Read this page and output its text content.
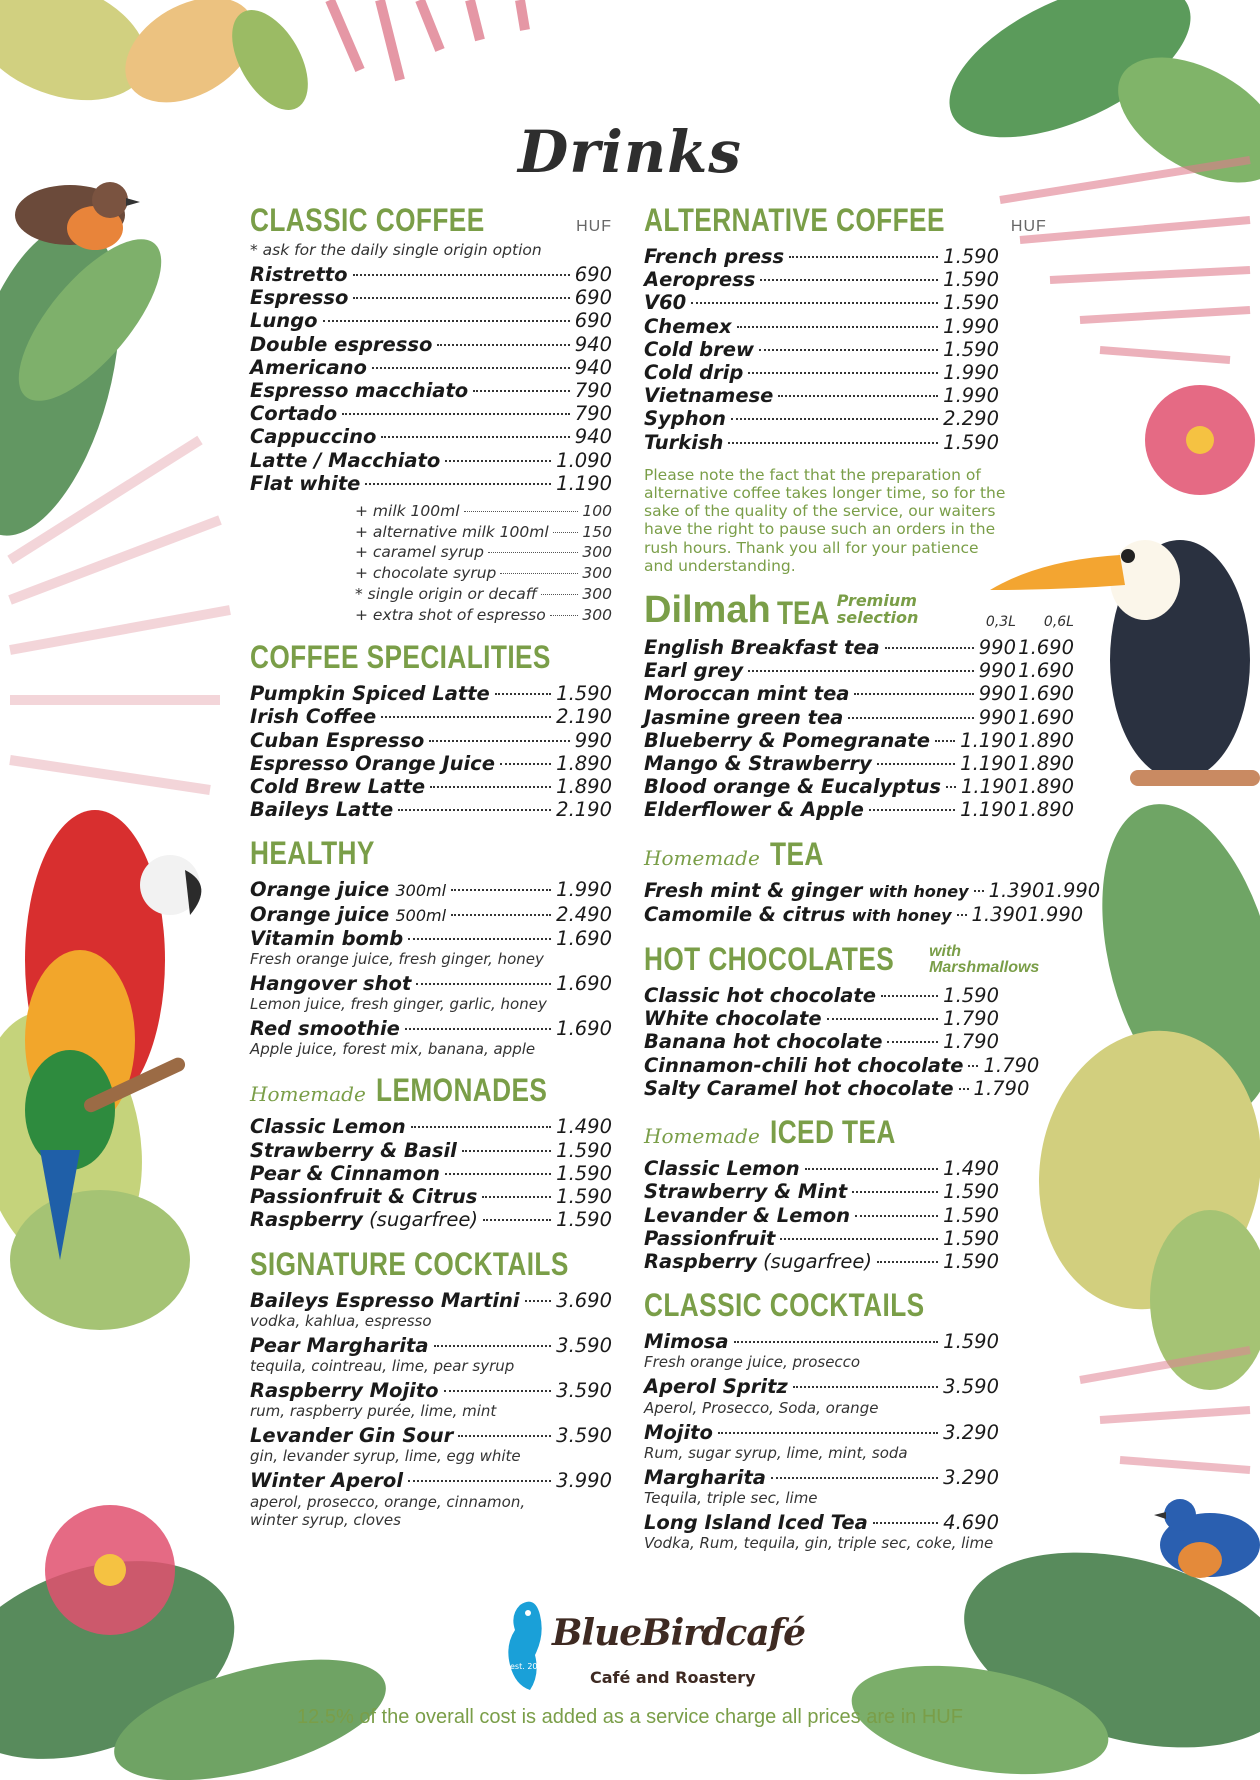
Drinks
CLASSIC COFFEE	HUF
* ask for the daily single origin option
Ristretto	690
Espresso	690
Lungo	690
Double espresso	940
Americano	940
Espresso macchiato	790
Cortado	790
Cappuccino	940
Latte / Macchiato	1.090
Flat white	1.190
+ milk 100ml	100
+ alternative milk 100ml 150
+ caramel syrup	300
+ chocolate syrup	300
* single origin or decaff	300
+ extra shot of espresso 300
COFFEE SPECIALITIES
Pumpkin Spiced Latte	1.590
Irish Coffee	2.190
Cuban Espresso	990
Espresso Orange Juice	1.890
Cold Brew Latte	1.890
Baileys Latte	2.190
HEALTHY
Orange juice
300ml	1.990
Orange juice
500ml	2.490
Vitamin bomb	1.690
Fresh orange juice, fresh ginger, honey
Hangover shot	1.690
Lemon juice, fresh ginger, garlic, honey
Red smoothie	1.690
Apple juice, forest mix, banana, apple
Homemade LEMONADES
Classic Lemon	1.490
Strawberry & Basil	1.590
Pear & Cinnamon	1.590
Passionfruit & Citrus	1.590
Raspberry
(sugarfree)	1.590
SIGNATURE COCKTAILS
Baileys Espresso Martini 3.690
vodka, kahlua, espresso
Pear Margharita	3.590
tequila, cointreau, lime, pear syrup
Raspberry Mojito	3.590
rum, raspberry purée, lime, mint
Levander Gin Sour	3.590
gin, levander syrup, lime, egg white
Winter Aperol	3.990
aperol, prosecco, orange, cinnamon, winter syrup, cloves
ALTERNATIVE COFFEE	HUF
French press	1.590
Aeropress	1.590
V60	1.590
Chemex	1.990
Cold brew	1.590
Cold drip	1.990
Vietnamese	1.990
Syphon	2.290
Turkish	1.590
Please note the fact that the preparation of alternative coffee takes longer time, so for the sake of the quality of the service, our waiters have the right to pause such an orders in the rush hours. Thank you all for your patience and understanding.
Dilmah TEA Premium
selection	0,3L	0,6L
English Breakfast tea	990 1.690
Earl grey	990 1.690
Moroccan mint tea	990 1.690
Jasmine green tea	990 1.690
Blueberry & Pomegranate 1.190 1.890
Mango & Strawberry	1.190 1.890
Blood orange & Eucalyptus 1.190 1.890
Elderflower & Apple	1.190 1.890
Homemade TEA
Fresh mint & ginger
with honey 1.390 1.990
Camomile & citrus
with honey 1.390 1.990
HOT CHOCOLATES with
Marshmallows
Classic hot chocolate	1.590
White chocolate	1.790
Banana hot chocolate	1.790
Cinnamon-chili hot chocolate 1.790
Salty Caramel hot chocolate 1.790
Homemade ICED TEA
Classic Lemon	1.490
Strawberry & Mint	1.590
Levander & Lemon	1.590
Passionfruit	1.590
Raspberry
(sugarfree)	1.590
CLASSIC COCKTAILS
Mimosa	1.590
Fresh orange juice, prosecco
Aperol Spritz	3.590
Aperol, Prosecco, Soda, orange
Mojito	3.290
Rum, sugar syrup, lime, mint, soda
Margharita	3.290
Tequila, triple sec, lime
Long Island Iced Tea	4.690
Vodka, Rum, tequila, gin, triple sec, coke, lime
BlueBirdcafé
Café and Roastery
est. 2013
12.5% of the overall cost is added as a service charge all prices are in HUF
